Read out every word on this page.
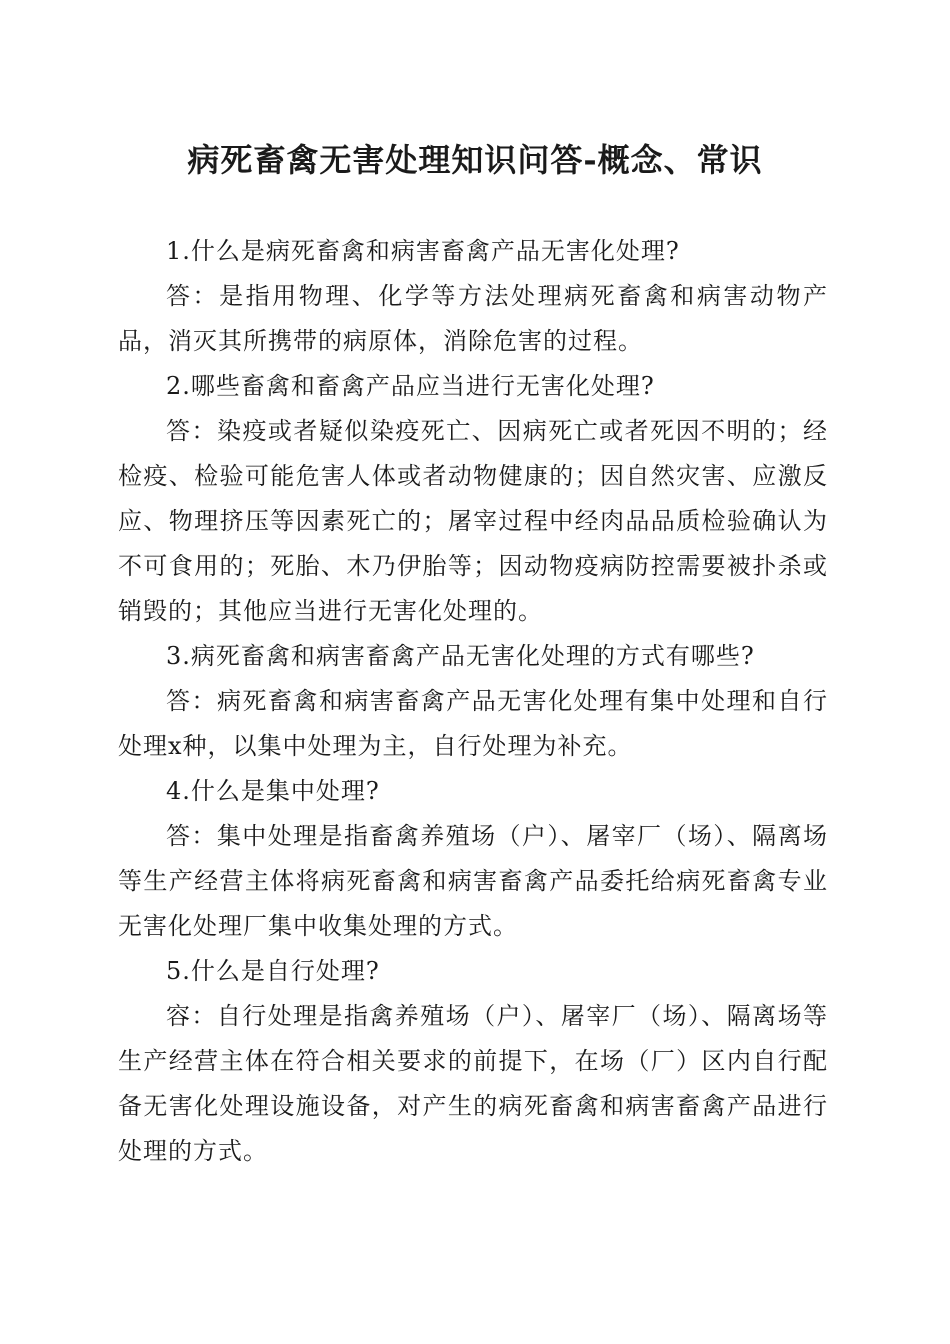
病死畜禽无害处理知识问答-概念、常识

1.什么是病死畜禽和病害畜禽产品无害化处理?

答：是指用物理、化学等方法处理病死畜禽和病害动物产品，消灭其所携带的病原体，消除危害的过程。

2.哪些畜禽和畜禽产品应当进行无害化处理?

答：染疫或者疑似染疫死亡、因病死亡或者死因不明的；经检疫、检验可能危害人体或者动物健康的；因自然灾害、应激反应、物理挤压等因素死亡的；屠宰过程中经肉品品质检验确认为不可食用的；死胎、木乃伊胎等；因动物疫病防控需要被扑杀或销毁的；其他应当进行无害化处理的。

3.病死畜禽和病害畜禽产品无害化处理的方式有哪些?

答：病死畜禽和病害畜禽产品无害化处理有集中处理和自行处理x种，以集中处理为主，自行处理为补充。

4.什么是集中处理?

答：集中处理是指畜禽养殖场（户）、屠宰厂（场）、隔离场等生产经营主体将病死畜禽和病害畜禽产品委托给病死畜禽专业无害化处理厂集中收集处理的方式。

5.什么是自行处理?

容：自行处理是指禽养殖场（户）、屠宰厂（场）、隔离场等生产经营主体在符合相关要求的前提下，在场（厂）区内自行配备无害化处理设施设备，对产生的病死畜禽和病害畜禽产品进行处理的方式。
